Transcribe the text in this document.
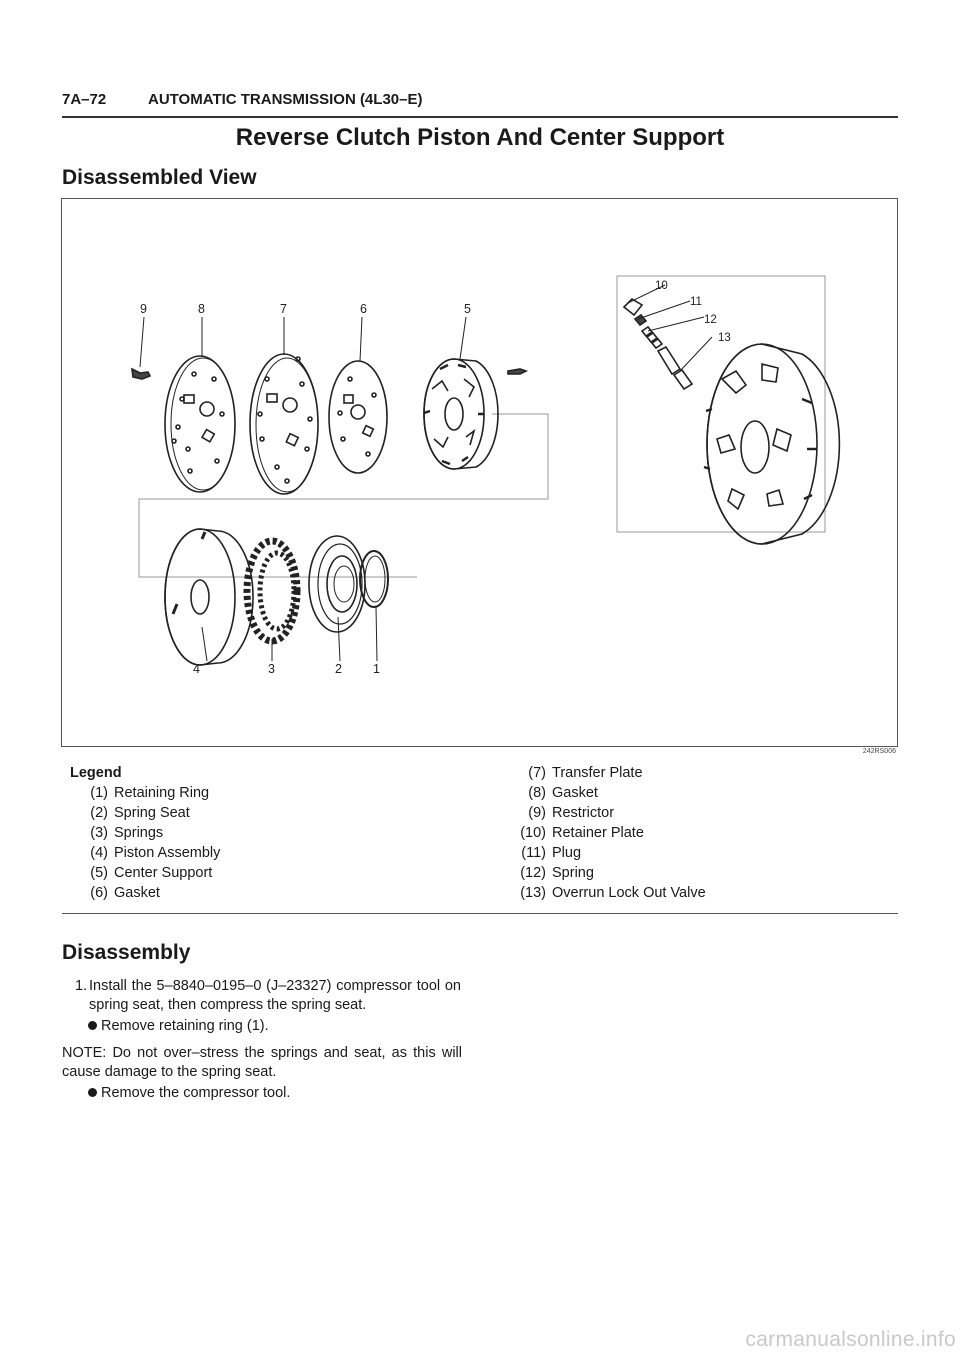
7A–72	AUTOMATIC TRANSMISSION (4L30–E)
Reverse Clutch Piston And Center Support
Disassembled View
9	8	7	6	5
10
11
12
13
4	3	2 1
242RS006
Legend
(1) Retaining Ring
(2) Spring Seat
(3) Springs
(4) Piston Assembly
(5) Center Support
(6) Gasket
(7) Transfer Plate
(8) Gasket
(9) Restrictor
(10) Retainer Plate
(11) Plug
(12) Spring
(13) Overrun Lock Out Valve
Disassembly
1. Install the 5–8840–0195–0 (J–23327) compressor tool on spring seat, then compress the spring seat.
Remove retaining ring (1).
NOTE: Do not over–stress the springs and seat, as this will cause damage to the spring seat.
Remove the compressor tool.
carmanualsonline.info
